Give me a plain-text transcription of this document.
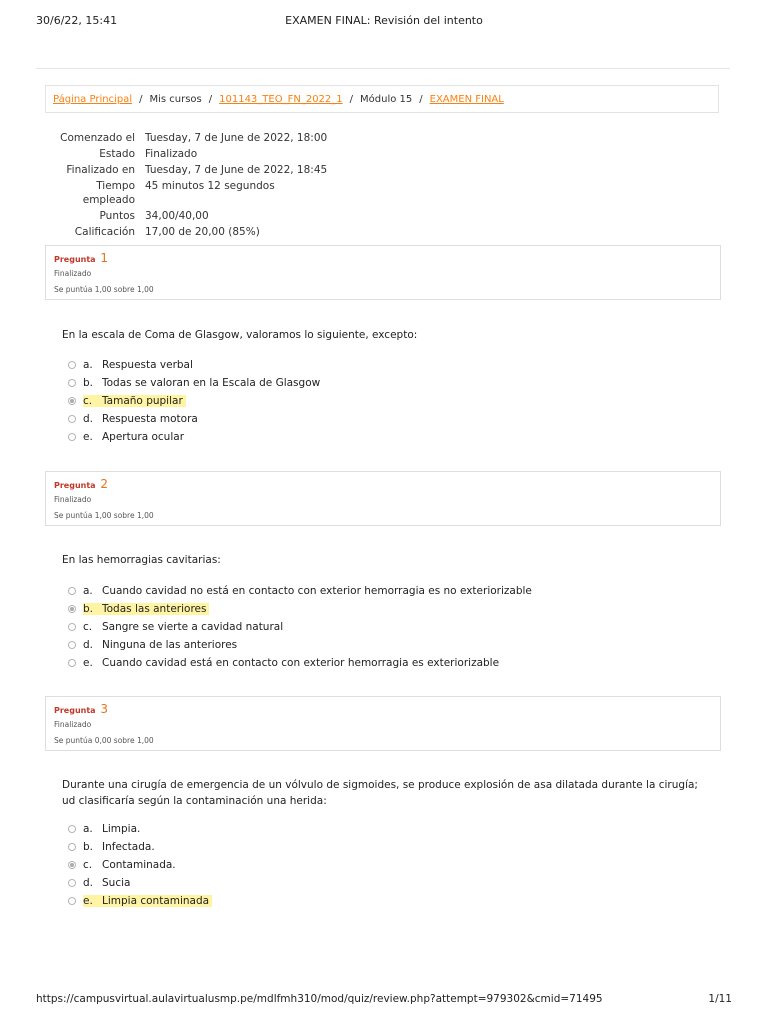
30/6/22, 15:41	EXAMEN FINAL: Revisión del intento
Página Principal / Mis cursos / 101143_TEO_FN_2022_1 / Módulo 15 / EXAMEN FINAL
Comenzado el Tuesday, 7 de June de 2022, 18:00
Estado Finalizado
Finalizado en Tuesday, 7 de June de 2022, 18:45
Tiempo empleado
45 minutos 12 segundos
Puntos 34,00/40,00
Calificación 17,00 de 20,00 (85%)
Pregunta 1
Finalizado
Se puntúa 1,00 sobre 1,00
En la escala de Coma de Glasgow, valoramos lo siguiente, excepto:
a. Respuesta verbal
b. Todas se valoran en la Escala de Glasgow
c. Tamaño pupilar
d. Respuesta motora
e. Apertura ocular
Pregunta 2
Finalizado
Se puntúa 1,00 sobre 1,00
En las hemorragias cavitarias:
a. Cuando cavidad no está en contacto con exterior hemorragia es no exteriorizable
b. Todas las anteriores
c. Sangre se vierte a cavidad natural
d. Ninguna de las anteriores
e. Cuando cavidad está en contacto con exterior hemorragia es exteriorizable
Pregunta 3
Finalizado
Se puntúa 0,00 sobre 1,00
Durante una cirugía de emergencia de un vólvulo de sigmoides, se produce explosión de asa dilatada durante la cirugía; ud clasificaría según la contaminación una herida:
a. Limpia.
b. Infectada.
c. Contaminada.
d. Sucia
e. Limpia contaminada
https://campusvirtual.aulavirtualusmp.pe/mdlfmh310/mod/quiz/review.php?attempt=979302&cmid=71495	1/11
